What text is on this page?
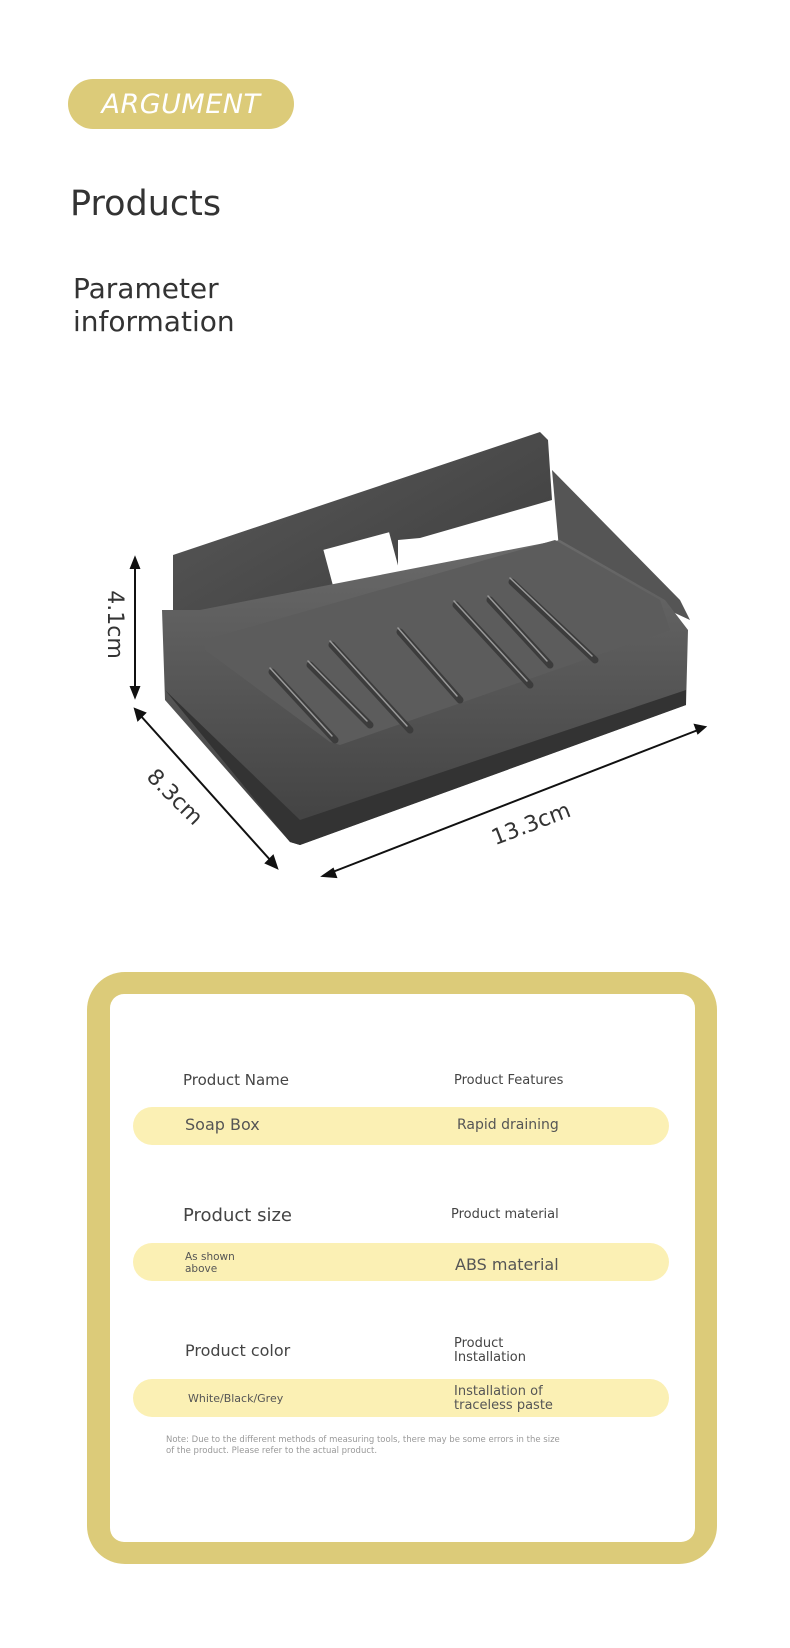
ARGUMENT
Products
Parameter information
4.1cm
8.3cm	13.3cm
Product Name	Product Features
Soap Box	Rapid draining
Product size	Product material
As shown above	ABS material
Product color	Product Installation
White/Black/Grey	Installation of traceless paste
Note: Due to the different methods of measuring tools, there may be some errors in the size of the product. Please refer to the actual product.
